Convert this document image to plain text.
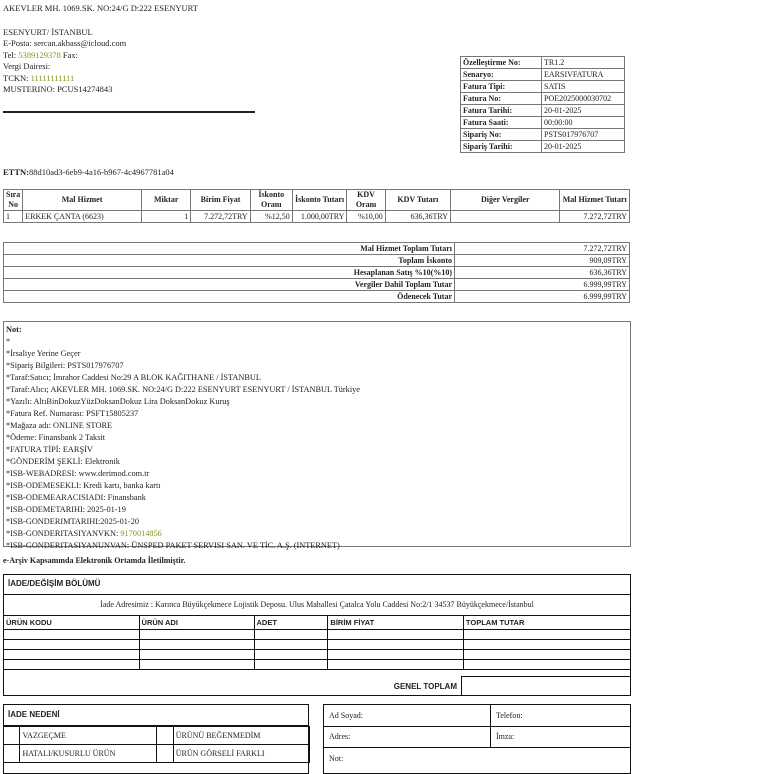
AKEVLER MH. 1069.SK. NO:24/G D:222 ESENYURT
ESENYURT/ İSTANBUL
E-Posta: sercan.akbass@icloud.com
Tel: 5389129378 Fax:
Vergi Dairesi:
TCKN: 11111111111
MUSTERINO: PCUS14274843
Özelleştirme No:	TR1.2
Senaryo:	EARSIVFATURA
Fatura Tipi:	SATIS
Fatura No:	POE2025000030702
Fatura Tarihi:	20-01-2025
Fatura Saati:	00:00:00
Sipariş No:	PSTS017976707
Sipariş Tarihi:	20-01-2025
ETTN:88d10ad3-6eb9-4a16-b967-4c4967781a04
Sıra No	Mal Hizmet	Miktar	Birim Fiyat	İskonto Oranı	İskonto Tutarı	KDV Oranı	KDV Tutarı	Diğer Vergiler	Mal Hizmet Tutarı
1	ERKEK ÇANTA (6623)	1	7.272,72TRY	%12,50	1.000,00TRY	%10,00	636,36TRY		7.272,72TRY
Mal Hizmet Toplam Tutarı	7.272,72TRY
Toplam İskonto	909,09TRY
Hesaplanan Satış %10(%10)	636,36TRY
Vergiler Dahil Toplam Tutar	6.999,99TRY
Ödenecek Tutar	6.999,99TRY
Not:
*
*İrsaliye Yerine Geçer
*Sipariş Bilgileri: PSTS017976707
*Taraf:Satıcı; İmrahor Caddesi No:29 A BLOK KAĞITHANE / İSTANBUL
*Taraf:Alıcı; AKEVLER MH. 1069.SK. NO:24/G D:222 ESENYURT ESENYURT / İSTANBUL Türkiye
*Yazılı: AltıBinDokuzYüzDoksanDokuz Lira DoksanDokuz Kuruş
*Fatura Ref. Numarası: PSFT15805237
*Mağaza adı: ONLINE STORE
*Ödeme: Finansbank 2 Taksit
*FATURA TİPİ: EARŞİV
*GÖNDERİM ŞEKLİ: Elektronik
*ISB-WEBADRESI: www.derimod.com.tr
*ISB-ODEMESEKLI: Kredi kartı, banka kartı
*ISB-ODEMEARACISIADI: Finansbank
*ISB-ODEMETARIHI: 2025-01-19
*ISB-GONDERIMTARIHI:2025-01-20
*ISB-GONDERITASIYANVKN: 9170014856
*ISB-GONDERITASIYANUNVAN: ÜNSPED PAKET SERVISI SAN. VE TİC. A.Ş. (INTERNET)
e-Arşiv Kapsamında Elektronik Ortamda İletilmiştir.
İADE/DEĞİŞİM BÖLÜMÜ
İade Adresimiz : Karınca Büyükçekmece Lojistik Deposu. Ulus Mahallesi Çatalca Yolu Caddesi No:2/1 34537 Büyükçekmece/İstanbul
ÜRÜN KODU	ÜRÜN ADI	ADET	BİRİM FİYAT	TOPLAM TUTAR

GENEL TOPLAM
İADE NEDENİ
	VAZGEÇME		ÜRÜNÜ BEĞENMEDİM
	HATALI/KUSURLU ÜRÜN		ÜRÜN GÖRSELİ FARKLI
Ad Soyad:	Telefon:
Adres:	İmza:
Not:
